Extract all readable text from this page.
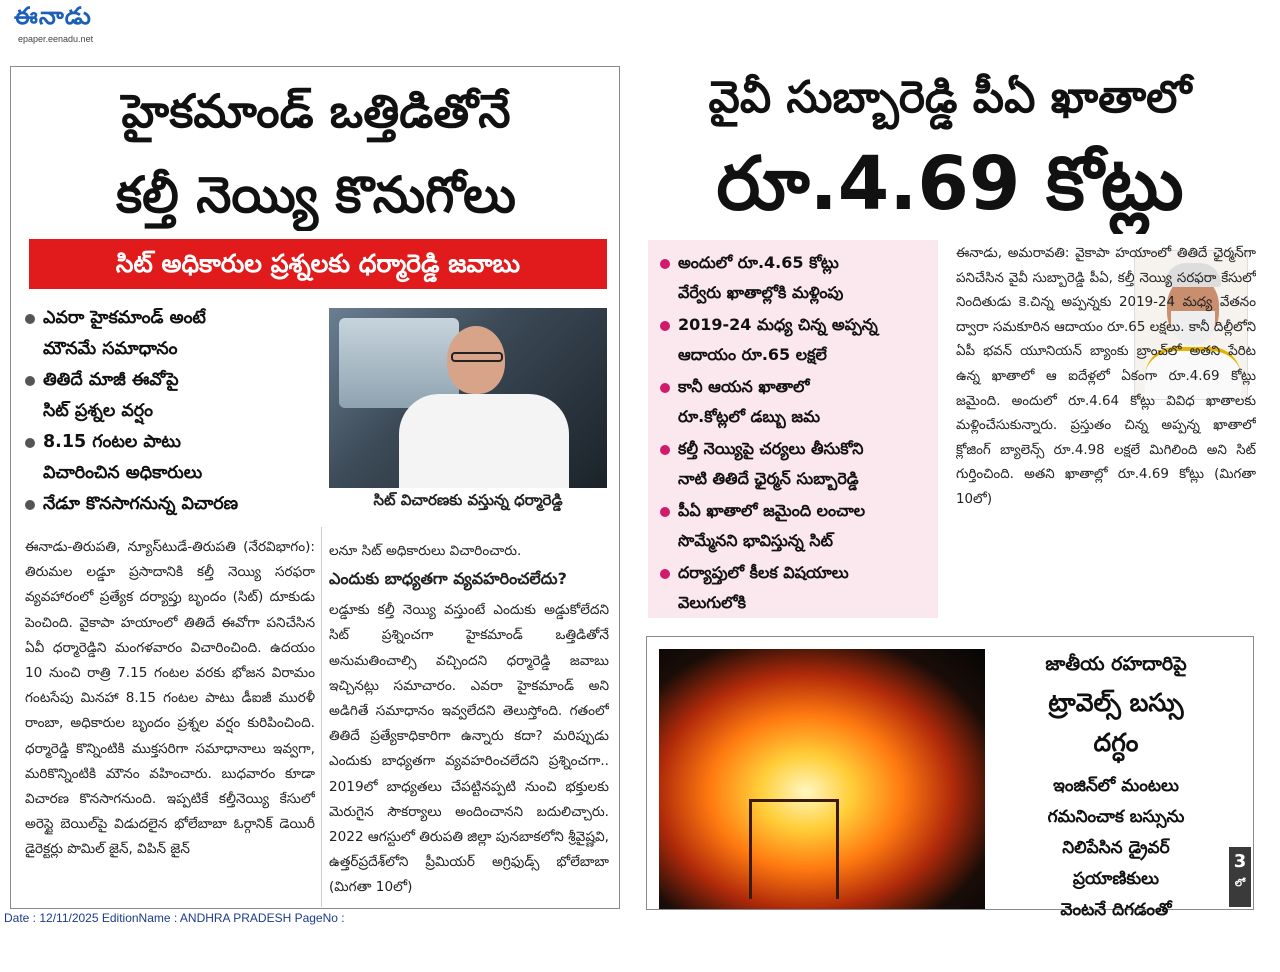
ఈనాడు
epaper.eenadu.net
హైకమాండ్ ఒత్తిడితోనే
కల్తీ నెయ్యి కొనుగోలు
సిట్ అధికారుల ప్రశ్నలకు ధర్మారెడ్డి జవాబు
ఎవరా హైకమాండ్ అంటే
మౌనమే సమాధానం
తితిదే మాజీ ఈవోపై
సిట్ ప్రశ్నల వర్షం
8.15 గంటల పాటు
విచారించిన అధికారులు
నేడూ కొనసాగనున్న విచారణ	సిట్ విచారణకు వస్తున్న ధర్మారెడ్డి
ఈనాడు-తిరుపతి, న్యూస్‌టుడే-తిరుపతి (నేరవిభాగం): తిరుమల లడ్డూ ప్రసాదానికి కల్తీ నెయ్యి సరఫరా వ్యవహారంలో ప్రత్యేక దర్యాప్తు బృందం (సిట్) దూకుడు పెంచింది. వైకాపా హయాంలో తితిదే ఈవోగా పనిచేసిన ఏవీ ధర్మారెడ్డిని మంగళవారం విచారించింది. ఉదయం 10 నుంచి రాత్రి 7.15 గంటల వరకు భోజన విరామం గంటసేపు మినహా 8.15 గంటల పాటు డీఐజీ మురళీ రాంబా, అధికారుల బృందం ప్రశ్నల వర్షం కురిపించింది. ధర్మారెడ్డి కొన్నింటికి ముక్తసరిగా సమాధానాలు ఇవ్వగా, మరికొన్నింటికి మౌనం వహించారు. బుధవారం కూడా విచారణ కొనసాగనుంది. ఇప్పటికే కల్తీనెయ్యి కేసులో అరెస్టై బెయిల్‌పై విడుదలైన భోలేబాబా ఓర్గానిక్ డెయిరీ డైరెక్టర్లు పొమిల్ జైన్, విపిన్ జైన్
లనూ సిట్ అధికారులు విచారించారు.
ఎందుకు బాధ్యతగా వ్యవహరించలేదు?
లడ్డూకు కల్తీ నెయ్యి వస్తుంటే ఎందుకు అడ్డుకోలేదని సిట్ ప్రశ్నించగా హైకమాండ్ ఒత్తిడితోనే అనుమతించాల్సి వచ్చిందని ధర్మారెడ్డి జవాబు ఇచ్చినట్లు సమాచారం. ఎవరా హైకమాండ్ అని అడిగితే సమాధానం ఇవ్వలేదని తెలుస్తోంది. గతంలో తితిదే ప్రత్యేకాధికారిగా ఉన్నారు కదా? మరిప్పుడు ఎందుకు బాధ్యతగా వ్యవహరించలేదని ప్రశ్నించగా.. 2019లో బాధ్యతలు చేపట్టినప్పటి నుంచి భక్తులకు మెరుగైన సౌకర్యాలు అందించానని బదులిచ్చారు. 2022 ఆగస్టులో తిరుపతి జిల్లా పునబాకలోని శ్రీవైష్ణవి, ఉత్తర్‌ప్రదేశ్‌లోని ప్రీమియర్ అగ్రిఫుడ్స్ భోలేబాబా (మిగతా 10లో)
వైవీ సుబ్బారెడ్డి పీఏ ఖాతాలో
రూ.4.69 కోట్లు
అందులో రూ.4.65 కోట్లు
వేర్వేరు ఖాతాల్లోకి మళ్లింపు
2019-24 మధ్య చిన్న అప్పన్న
ఆదాయం రూ.65 లక్షలే
కానీ ఆయన ఖాతాలో
రూ.కోట్లలో డబ్బు జమ
కల్తీ నెయ్యిపై చర్యలు తీసుకోని
నాటి తితిదే ఛైర్మన్ సుబ్బారెడ్డి
పీఏ ఖాతాలో జమైంది లంచాల
సొమ్మేనని భావిస్తున్న సిట్
దర్యాప్తులో కీలక విషయాలు
వెలుగులోకి
ఈనాడు, అమరావతి: వైకాపా హయాంలో తితిదే ఛైర్మన్‌గా పనిచేసిన వైవీ సుబ్బారెడ్డి పీఏ, కల్తీ నెయ్యి సరఫరా కేసులో నిందితుడు కె.చిన్న అప్పన్నకు 2019-24 మధ్య వేతనం ద్వారా సమకూరిన ఆదాయం రూ.65 లక్షలు. కానీ దిల్లీలోని ఏపీ భవన్ యూనియన్ బ్యాంకు బ్రాంచ్‌లో అతని పేరిట ఉన్న ఖాతాలో ఆ ఐదేళ్లలో ఏకంగా రూ.4.69 కోట్లు జమైంది. అందులో రూ.4.64 కోట్లు వివిధ ఖాతాలకు మళ్లించేసుకున్నారు. ప్రస్తుతం చిన్న అప్పన్న ఖాతాలో క్లోజింగ్ బ్యాలెన్స్ రూ.4.98 లక్షలే మిగిలింది అని సిట్ గుర్తించింది. అతని ఖాతాల్లో రూ.4.69 కోట్లు (మిగతా 10లో)
జాతీయ రహదారిపై
ట్రావెల్స్ బస్సు
దగ్ధం
ఇంజిన్‌లో మంటలు
గమనించాక బస్సును
నిలిపేసిన డ్రైవర్
ప్రయాణికులు
వెంటనే దిగడంతో
3
లో
Date : 12/11/2025 EditionName : ANDHRA PRADESH PageNo :
